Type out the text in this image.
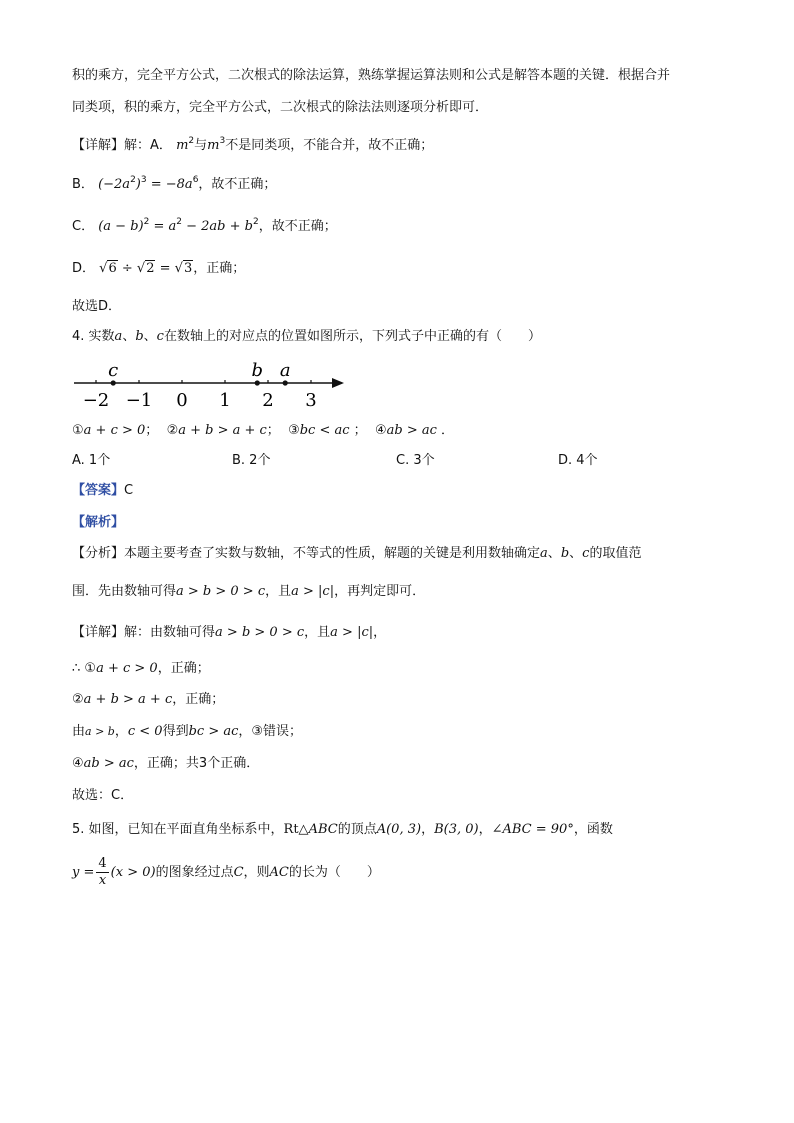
积的乘方，完全平方公式，二次根式的除法运算，熟练掌握运算法则和公式是解答本题的关键．根据合并
同类项，积的乘方，完全平方公式，二次根式的除法法则逐项分析即可．
【详解】解：A． $m^2$与$m^3$不是同类项，不能合并，故不正确；
B． $(-2a^2)^3 = -8a^6$，故不正确；
C． $(a - b)^2 = a^2 - 2ab + b^2$，故不正确；
D． √6 ÷ √2 = √3，正确；
故选D．
4. 实数a、b、c在数轴上的对应点的位置如图所示，下列式子中正确的有（　　）
−2 −1 0 1 2 3
c	b a
①a + c > 0； ②a + b > a + c； ③bc < ac ； ④ab > ac ．
A. 1个	B. 2个	C. 3个	D. 4个
【答案】C
【解析】
【分析】本题主要考查了实数与数轴，不等式的性质，解题的关键是利用数轴确定a、b、c的取值范
围．先由数轴可得a > b > 0 > c，且a > |c|，再判定即可．
【详解】解：由数轴可得a > b > 0 > c，且a > |c|，
∴ ①a + c > 0，正确；
②a + b > a + c，正确；
由a > b，c < 0得到bc > ac，③错误；
④ab > ac，正确；共3个正确．
故选：C．
5. 如图，已知在平面直角坐标系中，Rt△ABC的顶点A(0, 3)，B(3, 0)，∠ABC = 90°，函数
$y = \frac{4}{x} (x > 0)$的图象经过点C，则AC的长为（　　）
